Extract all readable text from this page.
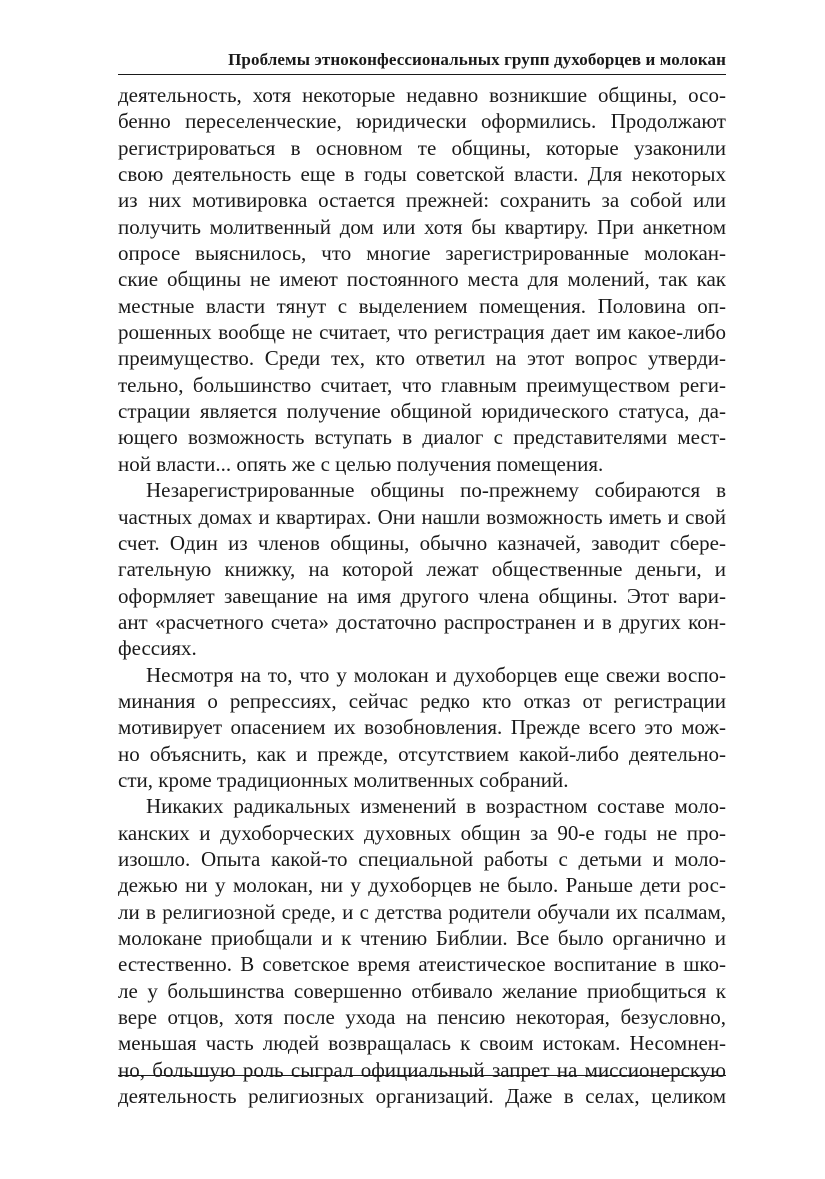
Проблемы этноконфессиональных групп духоборцев и молокан
деятельность, хотя некоторые недавно возникшие общины, осо-
бенно переселенческие, юридически оформились. Продолжают
регистрироваться в основном те общины, которые узаконили
свою деятельность еще в годы советской власти. Для некоторых
из них мотивировка остается прежней: сохранить за собой или
получить молитвенный дом или хотя бы квартиру. При анкетном
опросе выяснилось, что многие зарегистрированные молокан-
ские общины не имеют постоянного места для молений, так как
местные власти тянут с выделением помещения. Половина оп-
рошенных вообще не считает, что регистрация дает им какое-либо
преимущество. Среди тех, кто ответил на этот вопрос утверди-
тельно, большинство считает, что главным преимуществом реги-
страции является получение общиной юридического статуса, да-
ющего возможность вступать в диалог с представителями мест-
ной власти... опять же с целью получения помещения.
Незарегистрированные общины по-прежнему собираются в
частных домах и квартирах. Они нашли возможность иметь и свой
счет. Один из членов общины, обычно казначей, заводит сбере-
гательную книжку, на которой лежат общественные деньги, и
оформляет завещание на имя другого члена общины. Этот вари-
ант «расчетного счета» достаточно распространен и в других кон-
фессиях.
Несмотря на то, что у молокан и духоборцев еще свежи воспо-
минания о репрессиях, сейчас редко кто отказ от регистрации
мотивирует опасением их возобновления. Прежде всего это мож-
но объяснить, как и прежде, отсутствием какой-либо деятельно-
сти, кроме традиционных молитвенных собраний.
Никаких радикальных изменений в возрастном составе моло-
канских и духоборческих духовных общин за 90-е годы не про-
изошло. Опыта какой-то специальной работы с детьми и моло-
дежью ни у молокан, ни у духоборцев не было. Раньше дети рос-
ли в религиозной среде, и с детства родители обучали их псалмам,
молокане приобщали и к чтению Библии. Все было органично и
естественно. В советское время атеистическое воспитание в шко-
ле у большинства совершенно отбивало желание приобщиться к
вере отцов, хотя после ухода на пенсию некоторая, безусловно,
меньшая часть людей возвращалась к своим истокам. Несомнен-
но, большую роль сыграл официальный запрет на миссионерскую
деятельность религиозных организаций. Даже в селах, целиком
